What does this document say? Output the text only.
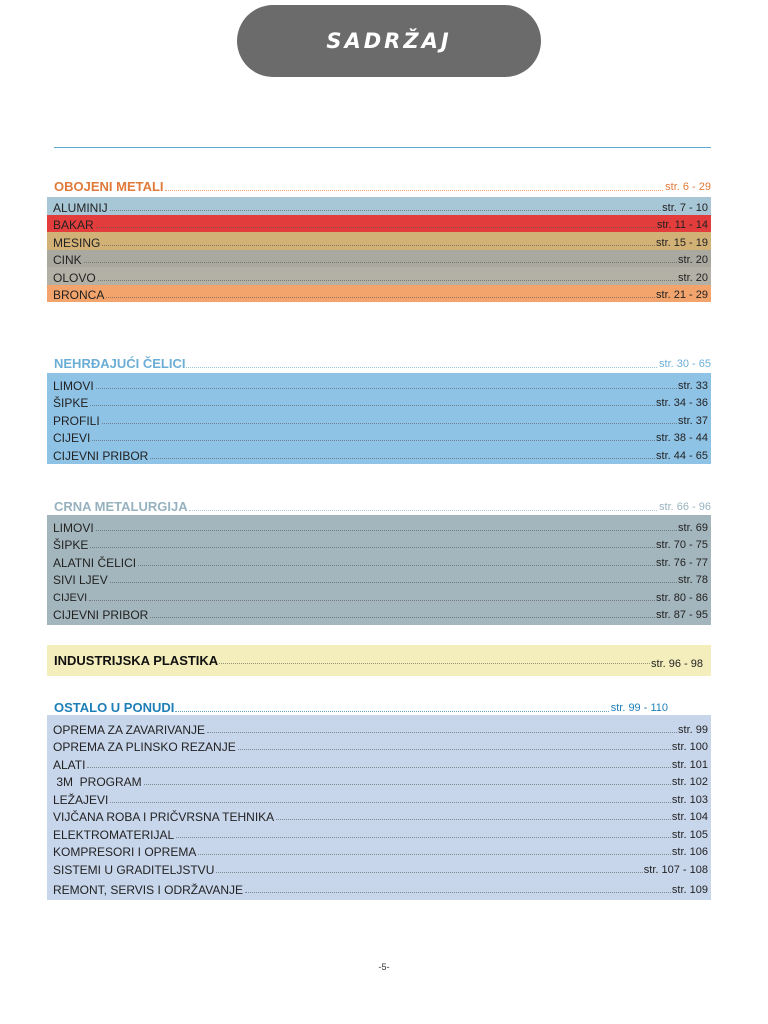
SADRŽAJ
OBOJENI METALI	str. 6 - 29
ALUMINIJ	str. 7 - 10
BAKAR	str. 11 - 14
MESING	str. 15 - 19
CINK	str. 20
OLOVO	str. 20
BRONCA	str. 21 - 29
NEHRĐAJUĆI ČELICI	str. 30 - 65
LIMOVI	str. 33
ŠIPKE	str. 34 - 36
PROFILI	str. 37
CIJEVI	str. 38 - 44
CIJEVNI PRIBOR	str. 44 - 65
CRNA METALURGIJA	str. 66 - 96
LIMOVI	str. 69
ŠIPKE	str. 70 - 75
ALATNI ČELICI	str. 76 - 77
SIVI LJEV	str. 78
CIJEVI	str. 80 - 86
CIJEVNI PRIBOR	str. 87 - 95
INDUSTRIJSKA PLASTIKA	str. 96 - 98
OSTALO U PONUDI	str. 99 - 110
OPREMA ZA ZAVARIVANJE	str. 99
OPREMA ZA PLINSKO REZANJE	str. 100
ALATI	str. 101
3M  PROGRAM	str. 102
LEŽAJEVI	str. 103
VIJČANA ROBA I PRIČVRSNA TEHNIKA	str. 104
ELEKTROMATERIJAL	str. 105
KOMPRESORI I OPREMA	str. 106
SISTEMI U GRADITELJSTVU	str. 107 - 108
REMONT, SERVIS I ODRŽAVANJE	str. 109
-5-
